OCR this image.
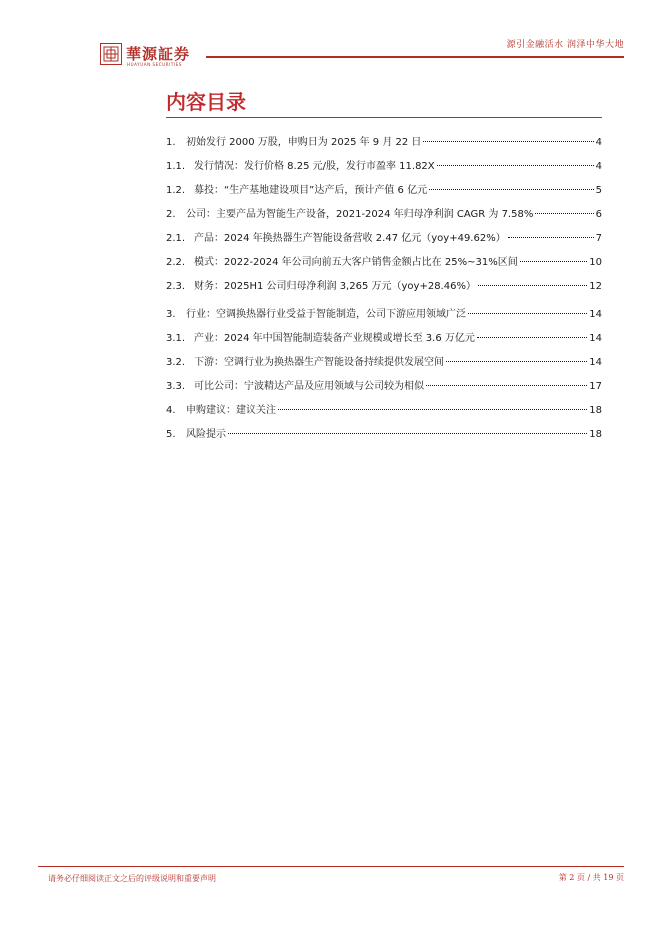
源引金融活水 润泽中华大地
華源証券
HUAYUAN SECURITIES
内容目录
1.	初始发行 2000 万股，申购日为 2025 年 9 月 22 日	4
1.1. 发行情况：发行价格 8.25 元/股，发行市盈率 11.82X	4
1.2. 募投：“生产基地建设项目”达产后，预计产值 6 亿元	5
2.	公司：主要产品为智能生产设备，2021-2024 年归母净利润 CAGR 为 7.58%	6
2.1. 产品：2024 年换热器生产智能设备营收 2.47 亿元（yoy+49.62%）	7
2.2. 模式：2022-2024 年公司向前五大客户销售金额占比在 25%~31%区间	10
2.3. 财务：2025H1 公司归母净利润 3,265 万元（yoy+28.46%）	12
3.	行业：空调换热器行业受益于智能制造，公司下游应用领域广泛	14
3.1. 产业：2024 年中国智能制造装备产业规模或增长至 3.6 万亿元	14
3.2. 下游：空调行业为换热器生产智能设备持续提供发展空间	14
3.3. 可比公司：宁波精达产品及应用领域与公司较为相似	17
4.	申购建议：建议关注	18
5.	风险提示	18
请务必仔细阅读正文之后的评级说明和重要声明	第 2 页 / 共 19 页
